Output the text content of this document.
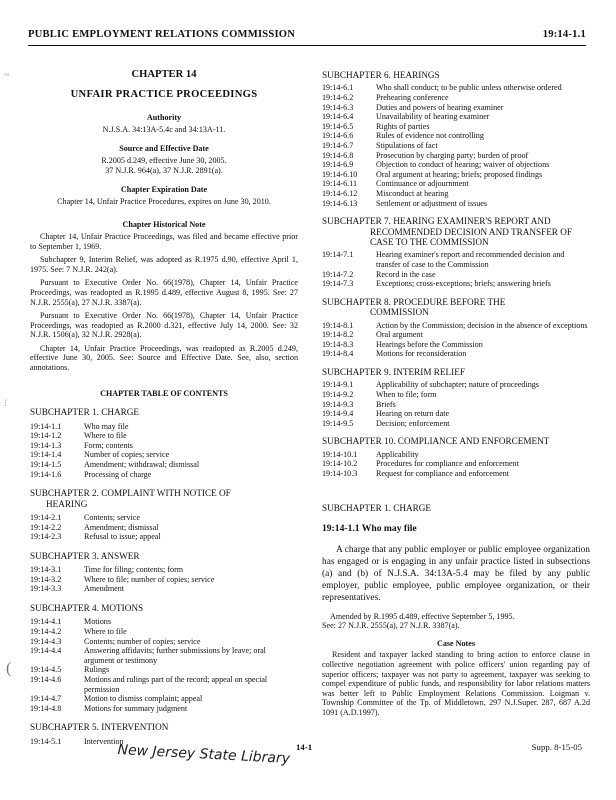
PUBLIC EMPLOYMENT RELATIONS COMMISSION	19:14-1.1
CHAPTER 14
UNFAIR PRACTICE PROCEEDINGS
Authority
N.J.S.A. 34:13A-5.4c and 34:13A-11.
Source and Effective Date
R.2005 d.249, effective June 30, 2005.
37 N.J.R. 964(a), 37 N.J.R. 2891(a).
Chapter Expiration Date
Chapter 14, Unfair Practice Procedures, expires on June 30, 2010.
Chapter Historical Note
Chapter 14, Unfair Practice Proceedings, was filed and became effective prior to September 1, 1969.
Subchapter 9, Interim Relief, was adopted as R.1975 d.90, effective April 1, 1975. See: 7 N.J.R. 242(a).
Pursuant to Executive Order No. 66(1978), Chapter 14, Unfair Practice Proceedings, was readopted as R.1995 d.489, effective August 8, 1995. See: 27 N.J.R. 2555(a), 27 N.J.R. 3387(a).
Pursuant to Executive Order No. 66(1978), Chapter 14, Unfair Practice Proceedings, was readopted as R.2000 d.321, effective July 14, 2000. See: 32 N.J.R. 1506(a), 32 N.J.R. 2928(a).
Chapter 14, Unfair Practice Proceedings, was readopted as R.2005 d.249, effective June 30, 2005. See: Source and Effective Date. See, also, section annotations.
CHAPTER TABLE OF CONTENTS
SUBCHAPTER 1. CHARGE
19:14-1.1	Who may file
19:14-1.2	Where to file
19:14-1.3	Form; contents
19:14-1.4	Number of copies; service
19:14-1.5	Amendment; withdrawal; dismissal
19:14-1.6	Processing of charge
SUBCHAPTER 2. COMPLAINT WITH NOTICE OF
HEARING
19:14-2.1	Contents; service
19:14-2.2	Amendment; dismissal
19:14-2.3	Refusal to issue; appeal
SUBCHAPTER 3. ANSWER
19:14-3.1	Time for filing; contents; form
19:14-3.2	Where to file; number of copies; service
19:14-3.3	Amendment
SUBCHAPTER 4. MOTIONS
19:14-4.1	Motions
19:14-4.2	Where to file
19:14-4.3	Contents; number of copies; service
19:14-4.4	Answering affidavits; further submissions by leave; oral argument or testimony
19:14-4.5	Rulings
19:14-4.6	Motions and rulings part of the record; appeal on special permission
19:14-4.7	Motion to dismiss complaint; appeal
19:14-4.8	Motions for summary judgment
SUBCHAPTER 5. INTERVENTION
19:14-5.1	Intervention
SUBCHAPTER 6. HEARINGS
19:14-6.1	Who shall conduct; to be public unless otherwise ordered
19:14-6.2	Prehearing conference
19:14-6.3	Duties and powers of hearing examiner
19:14-6.4	Unavailability of hearing examiner
19:14-6.5	Rights of parties
19:14-6.6	Rules of evidence not controlling
19:14-6.7	Stipulations of fact
19:14-6.8	Prosecution by charging party; burden of proof
19:14-6.9	Objection to conduct of hearing; waiver of objections
19:14-6.10	Oral argument at hearing; briefs; proposed findings
19:14-6.11	Continuance or adjournment
19:14-6.12	Misconduct at hearing
19:14-6.13	Settlement or adjustment of issues
SUBCHAPTER 7. HEARING EXAMINER'S REPORT AND
RECOMMENDED DECISION AND TRANSFER OF CASE TO THE COMMISSION
19:14-7.1	Hearing examiner's report and recommended decision and transfer of case to the Commission
19:14-7.2	Record in the case
19:14-7.3	Exceptions; cross-exceptions; briefs; answering briefs
SUBCHAPTER 8. PROCEDURE BEFORE THE
COMMISSION
19:14-8.1	Action by the Commission; decision in the absence of exceptions
19:14-8.2	Oral argument
19:14-8.3	Hearings before the Commission
19:14-8.4	Motions for reconsideration
SUBCHAPTER 9. INTERIM RELIEF
19:14-9.1	Applicability of subchapter; nature of proceedings
19:14-9.2	When to file; form
19:14-9.3	Briefs
19:14-9.4	Hearing on return date
19:14-9.5	Decision; enforcement
SUBCHAPTER 10. COMPLIANCE AND ENFORCEMENT
19:14-10.1	Applicability
19:14-10.2	Procedures for compliance and enforcement
19:14-10.3	Request for compliance and enforcement
SUBCHAPTER 1. CHARGE
19:14-1.1 Who may file
A charge that any public employer or public employee organization has engaged or is engaging in any unfair practice listed in subsections (a) and (b) of N.J.S.A. 34:13A-5.4 may be filed by any public employer, public employee, public employee organization, or their representatives.
Amended by R.1995 d.489, effective September 5, 1995.
See: 27 N.J.R. 2555(a), 27 N.J.R. 3387(a).
Case Notes
Resident and taxpayer lacked standing to bring action to enforce clause in collective negotiation agreement with police officers' union regarding pay of superior officers; taxpayer was not party to agreement, taxpayer was seeking to compel expenditure of public funds, and responsibility for labor relations matters was better left to Public Employment Relations Commission. Loigman v. Township Committee of the Tp. of Middletown, 297 N.J.Super. 287, 687 A.2d 1091 (A.D.1997).
New Jersey State Library 14-1	Supp. 8-15-05
~
⁝
(
